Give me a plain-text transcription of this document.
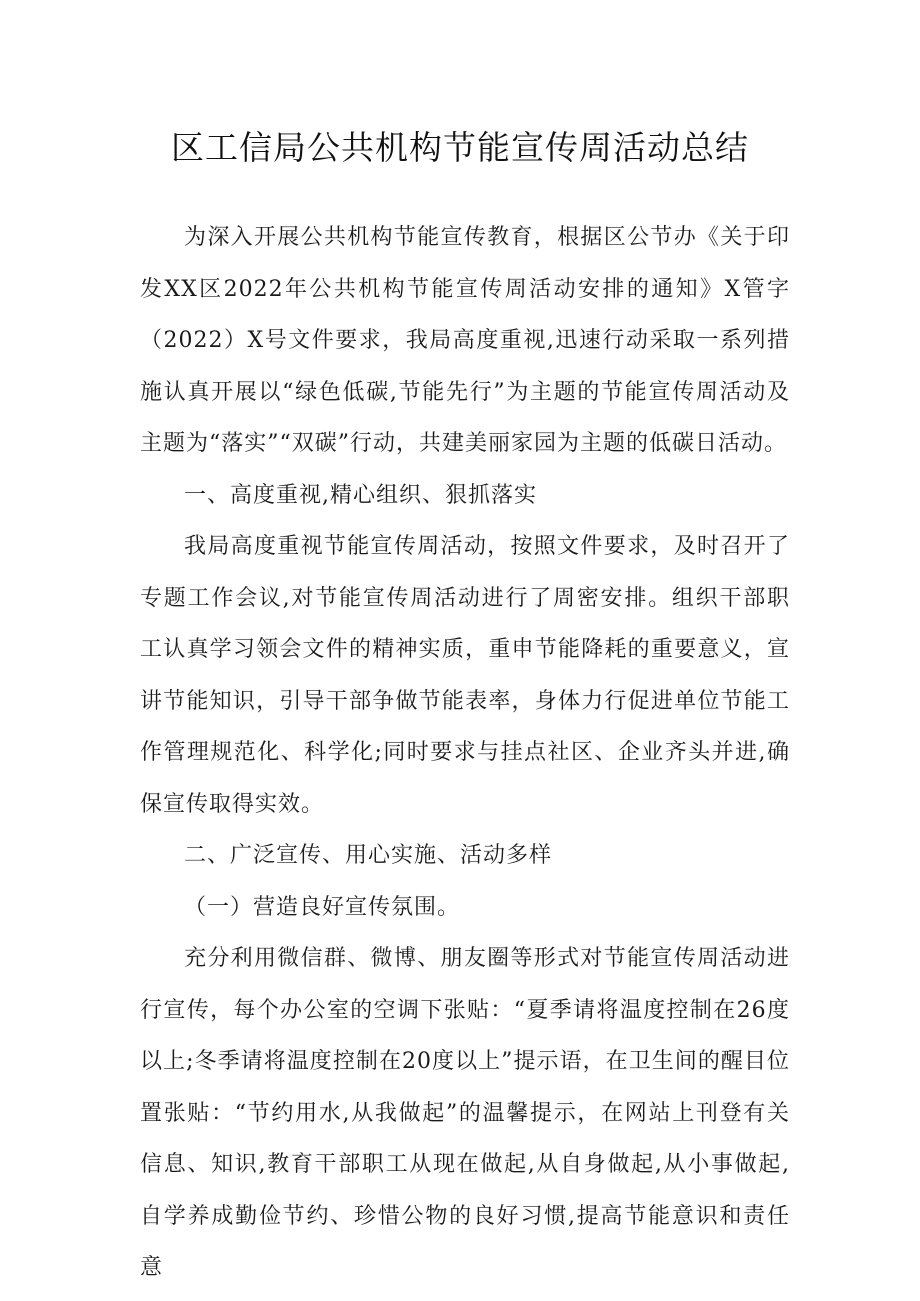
区工信局公共机构节能宣传周活动总结

为深入开展公共机构节能宣传教育，根据区公节办《关于印发XX区2022年公共机构节能宣传周活动安排的通知》X管字（2022）X号文件要求，我局高度重视,迅速行动采取一系列措施认真开展以“绿色低碳,节能先行”为主题的节能宣传周活动及主题为“落实”“双碳”行动，共建美丽家园为主题的低碳日活动。

一、高度重视,精心组织、狠抓落实

我局高度重视节能宣传周活动，按照文件要求，及时召开了专题工作会议,对节能宣传周活动进行了周密安排。组织干部职工认真学习领会文件的精神实质，重申节能降耗的重要意义，宣讲节能知识，引导干部争做节能表率，身体力行促进单位节能工作管理规范化、科学化;同时要求与挂点社区、企业齐头并进,确保宣传取得实效。

二、广泛宣传、用心实施、活动多样

（一）营造良好宣传氛围。

充分利用微信群、微博、朋友圈等形式对节能宣传周活动进行宣传，每个办公室的空调下张贴：“夏季请将温度控制在26度以上;冬季请将温度控制在20度以上”提示语，在卫生间的醒目位置张贴：“节约用水,从我做起”的温馨提示，在网站上刊登有关信息、知识,教育干部职工从现在做起,从自身做起,从小事做起,自学养成勤俭节约、珍惜公物的良好习惯,提高节能意识和责任意
